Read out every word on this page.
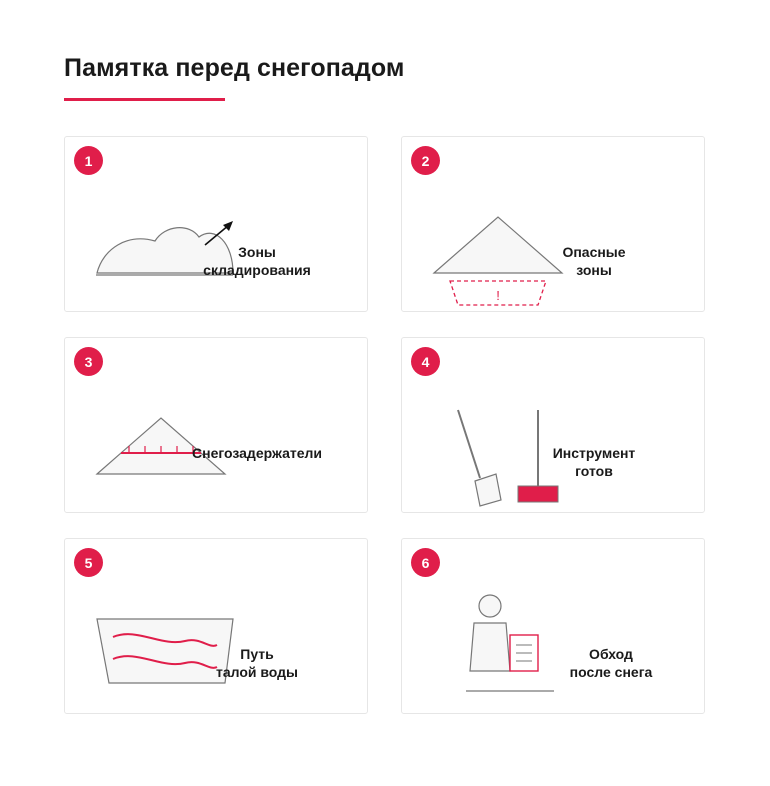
Памятка перед снегопадом
1
Зоны
складирования
2
!
Опасные
зоны
3
Снегозадержатели
4
Инструмент
готов
5
Путь
талой воды
6
Обход
после снега
